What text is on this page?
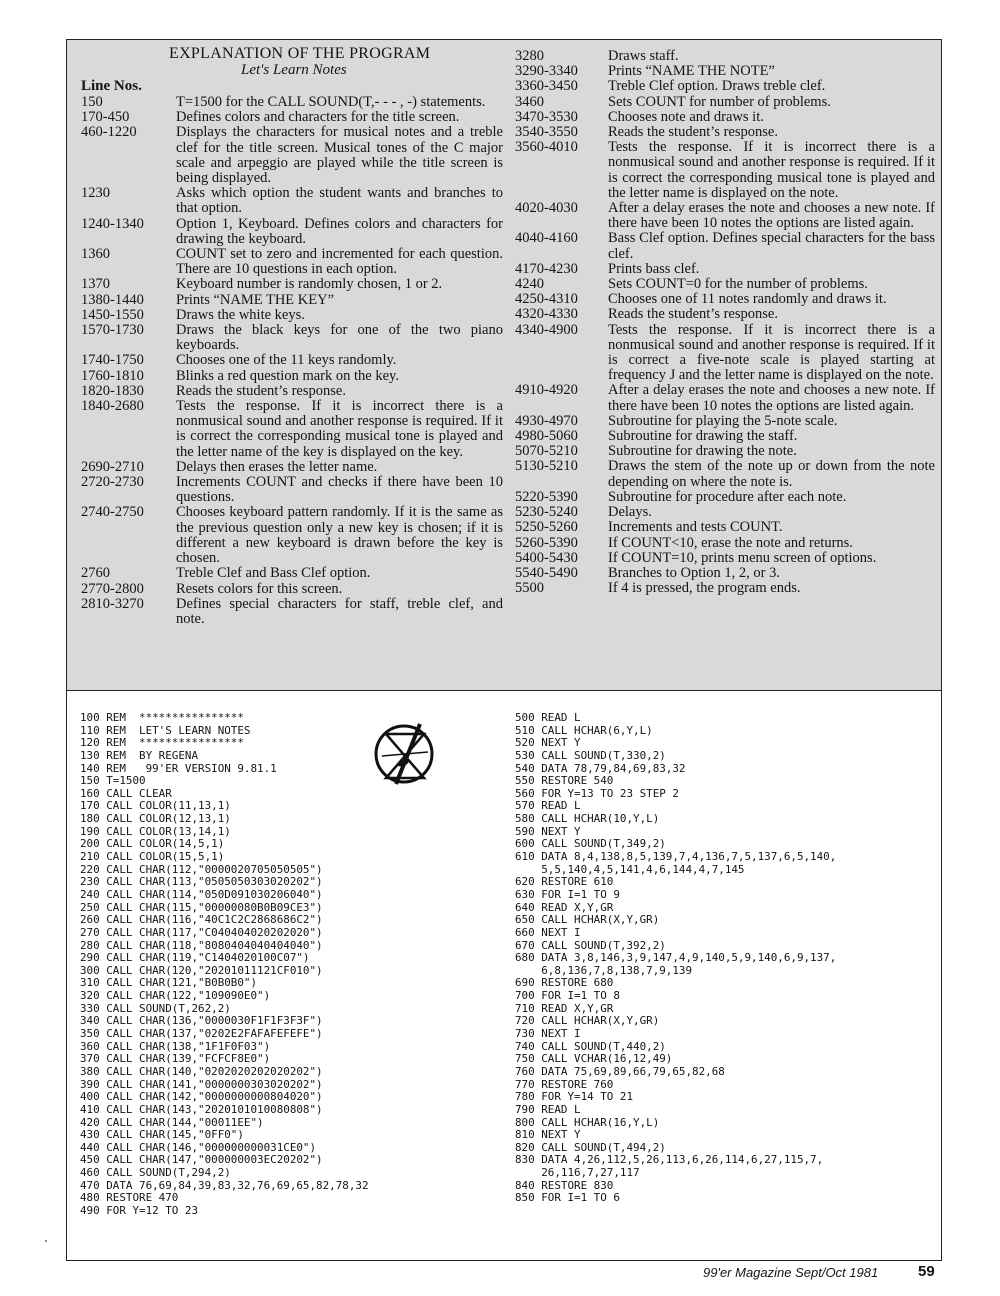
EXPLANATION OF THE PROGRAM
Let's Learn Notes
Line Nos.
150	T=1500 for the CALL SOUND(T,- - - , -) statements.
170-450	Defines colors and characters for the title screen.
460-1220	Displays the characters for musical notes and a treble clef for the title screen. Musical tones of the C major scale and arpeggio are played while the title screen is being displayed.
1230	Asks which option the student wants and branches to that option.
1240-1340	Option 1, Keyboard. Defines colors and characters for drawing the keyboard.
1360	COUNT set to zero and incremented for each question. There are 10 questions in each option.
1370	Keyboard number is randomly chosen, 1 or 2.
1380-1440	Prints “NAME THE KEY”
1450-1550	Draws the white keys.
1570-1730	Draws the black keys for one of the two piano keyboards.
1740-1750	Chooses one of the 11 keys randomly.
1760-1810	Blinks a red question mark on the key.
1820-1830	Reads the student’s response.
1840-2680	Tests the response. If it is incorrect there is a nonmusical sound and another response is required. If it is correct the corresponding musical tone is played and the letter name of the key is displayed on the key.
2690-2710	Delays then erases the letter name.
2720-2730	Increments COUNT and checks if there have been 10 questions.
2740-2750	Chooses keyboard pattern randomly. If it is the same as the previous question only a new key is chosen; if it is different a new keyboard is drawn before the key is chosen.
2760	Treble Clef and Bass Clef option.
2770-2800	Resets colors for this screen.
2810-3270	Defines special characters for staff, treble clef, and note.
3280	Draws staff.
3290-3340	Prints “NAME THE NOTE”
3360-3450	Treble Clef option. Draws treble clef.
3460	Sets COUNT for number of problems.
3470-3530	Chooses note and draws it.
3540-3550	Reads the student’s response.
3560-4010	Tests the response. If it is incorrect there is a nonmusical sound and another response is required. If it is correct the corresponding musical tone is played and the letter name is displayed on the note.
4020-4030	After a delay erases the note and chooses a new note. If there have been 10 notes the options are listed again.
4040-4160	Bass Clef option. Defines special characters for the bass clef.
4170-4230	Prints bass clef.
4240	Sets COUNT=0 for the number of problems.
4250-4310	Chooses one of 11 notes randomly and draws it.
4320-4330	Reads the student’s response.
4340-4900	Tests the response. If it is incorrect there is a nonmusical sound and another response is required. If it is correct a five-note scale is played starting at frequency J and the letter name is displayed on the note.
4910-4920	After a delay erases the note and chooses a new note. If there have been 10 notes the options are listed again.
4930-4970	Subroutine for playing the 5-note scale.
4980-5060	Subroutine for drawing the staff.
5070-5210	Subroutine for drawing the note.
5130-5210	Draws the stem of the note up or down from the note depending on where the note is.
5220-5390	Subroutine for procedure after each note.
5230-5240	Delays.
5250-5260	Increments and tests COUNT.
5260-5390	If COUNT<10, erase the note and returns.
5400-5430	If COUNT=10, prints menu screen of options.
5540-5490	Branches to Option 1, 2, or 3.
5500	If 4 is pressed, the program ends.
100 REM  ****************
110 REM  LET'S LEARN NOTES
120 REM  ****************
130 REM  BY REGENA
140 REM   99'ER VERSION 9.81.1
150 T=1500
160 CALL CLEAR
170 CALL COLOR(11,13,1)
180 CALL COLOR(12,13,1)
190 CALL COLOR(13,14,1)
200 CALL COLOR(14,5,1)
210 CALL COLOR(15,5,1)
220 CALL CHAR(112,"0000020705050505")
230 CALL CHAR(113,"0505050303020202")
240 CALL CHAR(114,"050D091030206040")
250 CALL CHAR(115,"00000080B0B09CE3")
260 CALL CHAR(116,"40C1C2C2868686C2")
270 CALL CHAR(117,"C040404020202020")
280 CALL CHAR(118,"8080404040404040")
290 CALL CHAR(119,"C1404020100C07")
300 CALL CHAR(120,"20201011121CF010")
310 CALL CHAR(121,"B0B0B0")
320 CALL CHAR(122,"109090E0")
330 CALL SOUND(T,262,2)
340 CALL CHAR(136,"0000030F1F1F3F3F")
350 CALL CHAR(137,"0202E2FAFAFEFEFE")
360 CALL CHAR(138,"1F1F0F03")
370 CALL CHAR(139,"FCFCF8E0")
380 CALL CHAR(140,"0202020202020202")
390 CALL CHAR(141,"0000000303020202")
400 CALL CHAR(142,"0000000000804020")
410 CALL CHAR(143,"2020101010080808")
420 CALL CHAR(144,"00011EE")
430 CALL CHAR(145,"0FF0")
440 CALL CHAR(146,"000000000031CE0")
450 CALL CHAR(147,"000000003EC20202")
460 CALL SOUND(T,294,2)
470 DATA 76,69,84,39,83,32,76,69,65,82,78,32
480 RESTORE 470
490 FOR Y=12 TO 23
500 READ L
510 CALL HCHAR(6,Y,L)
520 NEXT Y
530 CALL SOUND(T,330,2)
540 DATA 78,79,84,69,83,32
550 RESTORE 540
560 FOR Y=13 TO 23 STEP 2
570 READ L
580 CALL HCHAR(10,Y,L)
590 NEXT Y
600 CALL SOUND(T,349,2)
610 DATA 8,4,138,8,5,139,7,4,136,7,5,137,6,5,140,
5,5,140,4,5,141,4,6,144,4,7,145
620 RESTORE 610
630 FOR I=1 TO 9
640 READ X,Y,GR
650 CALL HCHAR(X,Y,GR)
660 NEXT I
670 CALL SOUND(T,392,2)
680 DATA 3,8,146,3,9,147,4,9,140,5,9,140,6,9,137,
6,8,136,7,8,138,7,9,139
690 RESTORE 680
700 FOR I=1 TO 8
710 READ X,Y,GR
720 CALL HCHAR(X,Y,GR)
730 NEXT I
740 CALL SOUND(T,440,2)
750 CALL VCHAR(16,12,49)
760 DATA 75,69,89,66,79,65,82,68
770 RESTORE 760
780 FOR Y=14 TO 21
790 READ L
800 CALL HCHAR(16,Y,L)
810 NEXT Y
820 CALL SOUND(T,494,2)
830 DATA 4,26,112,5,26,113,6,26,114,6,27,115,7,
26,116,7,27,117
840 RESTORE 830
850 FOR I=1 TO 6
99'er Magazine Sept/Oct 1981	59
